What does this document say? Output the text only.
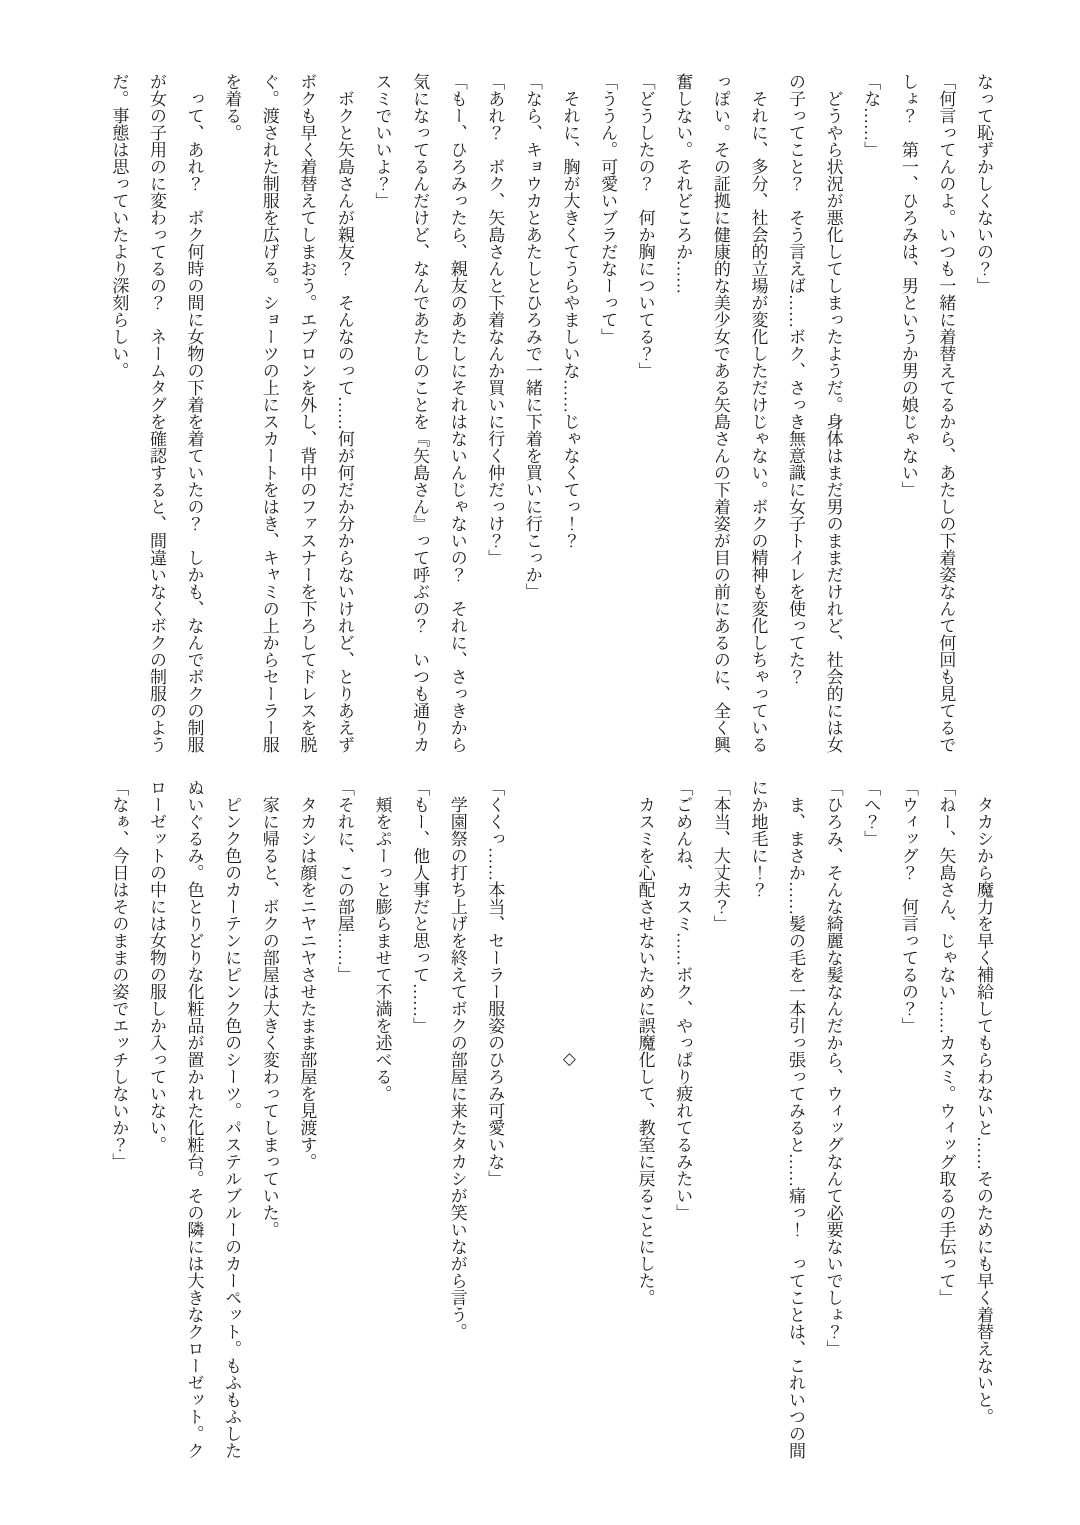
なって恥ずかしくないの？」

「何言ってんのよ。いつも一緒に着替えてるから、あたしの下着姿なんて何回も見てるで

しょ？　第一、ひろみは、男というか男の娘じゃない」

「な……」

どうやら状況が悪化してしまったようだ。身体はまだ男のままだけれど、社会的には女

の子ってこと？　そう言えば……ボク、さっき無意識に女子トイレを使ってた？

それに、多分、社会的立場が変化しただけじゃない。ボクの精神も変化しちゃっている

っぽい。その証拠に健康的な美少女である矢島さんの下着姿が目の前にあるのに、全く興

奮しない。それどころか……

「どうしたの？　何か胸についてる？」

「ううん。可愛いブラだなーって」

それに、胸が大きくてうらやましいな……じゃなくてっ！？

「なら、キョウカとあたしとひろみで一緒に下着を買いに行こっか」

「あれ？　ボク、矢島さんと下着なんか買いに行く仲だっけ？」

「もー、ひろみったら、親友のあたしにそれはないんじゃないの？　それに、さっきから

気になってるんだけど、なんであたしのことを『矢島さん』って呼ぶの？　いつも通りカ

スミでいいよ？」

ボクと矢島さんが親友？　そんなのって……何が何だか分からないけれど、とりあえず

ボクも早く着替えてしまおう。エプロンを外し、背中のファスナーを下ろしてドレスを脱

ぐ。渡された制服を広げる。ショーツの上にスカートをはき、キャミの上からセーラー服

を着る。

って、あれ？　ボク何時の間に女物の下着を着ていたの？　しかも、なんでボクの制服

が女の子用のに変わってるの？　ネームタグを確認すると、間違いなくボクの制服のよう

だ。事態は思っていたより深刻らしい。

タカシから魔力を早く補給してもらわないと……そのためにも早く着替えないと。

「ねー、矢島さん、じゃない……カスミ。ウィッグ取るの手伝って」

「ウィッグ？　何言ってるの？」

「へ？」

「ひろみ、そんな綺麗な髪なんだから、ウィッグなんて必要ないでしょ？」

ま、まさか……髪の毛を一本引っ張ってみると……痛っ！　ってことは、これいつの間

にか地毛に！？

「本当、大丈夫？」

「ごめんね、カスミ……ボク、やっぱり疲れてるみたい」

カスミを心配させないために誤魔化して、教室に戻ることにした。

◇

「くくっ……本当、セーラー服姿のひろみ可愛いな」

学園祭の打ち上げを終えてボクの部屋に来たタカシが笑いながら言う。

「もー、他人事だと思って……」

頬をぷーっと膨らませて不満を述べる。

「それに、この部屋……」

タカシは顔をニヤニヤさせたまま部屋を見渡す。

家に帰ると、ボクの部屋は大きく変わってしまっていた。

ピンク色のカーテンにピンク色のシーツ。パステルブルーのカーペット。もふもふした

ぬいぐるみ。色とりどりな化粧品が置かれた化粧台。その隣には大きなクローゼット。ク

ローゼットの中には女物の服しか入っていない。

「なぁ、今日はそのままの姿でエッチしないか？」
